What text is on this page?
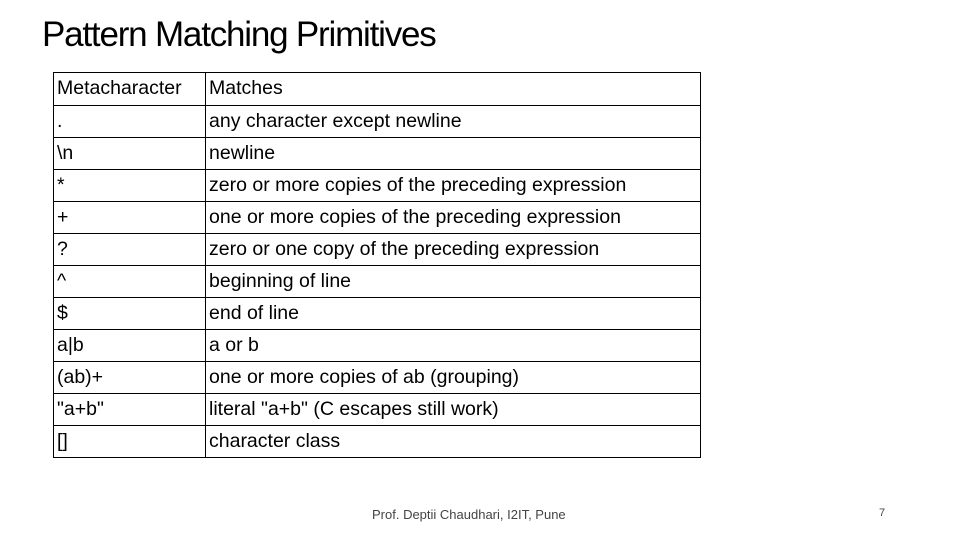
Pattern Matching Primitives
Metacharacter	Matches
.	any character except newline
\n	newline
*	zero or more copies of the preceding expression
+	one or more copies of the preceding expression
?	zero or one copy of the preceding expression
^	beginning of line
$	end of line
a|b	a or b
(ab)+	one or more copies of ab (grouping)
"a+b"	literal "a+b" (C escapes still work)
[]	character class
Prof. Deptii Chaudhari, I2IT, Pune	7
